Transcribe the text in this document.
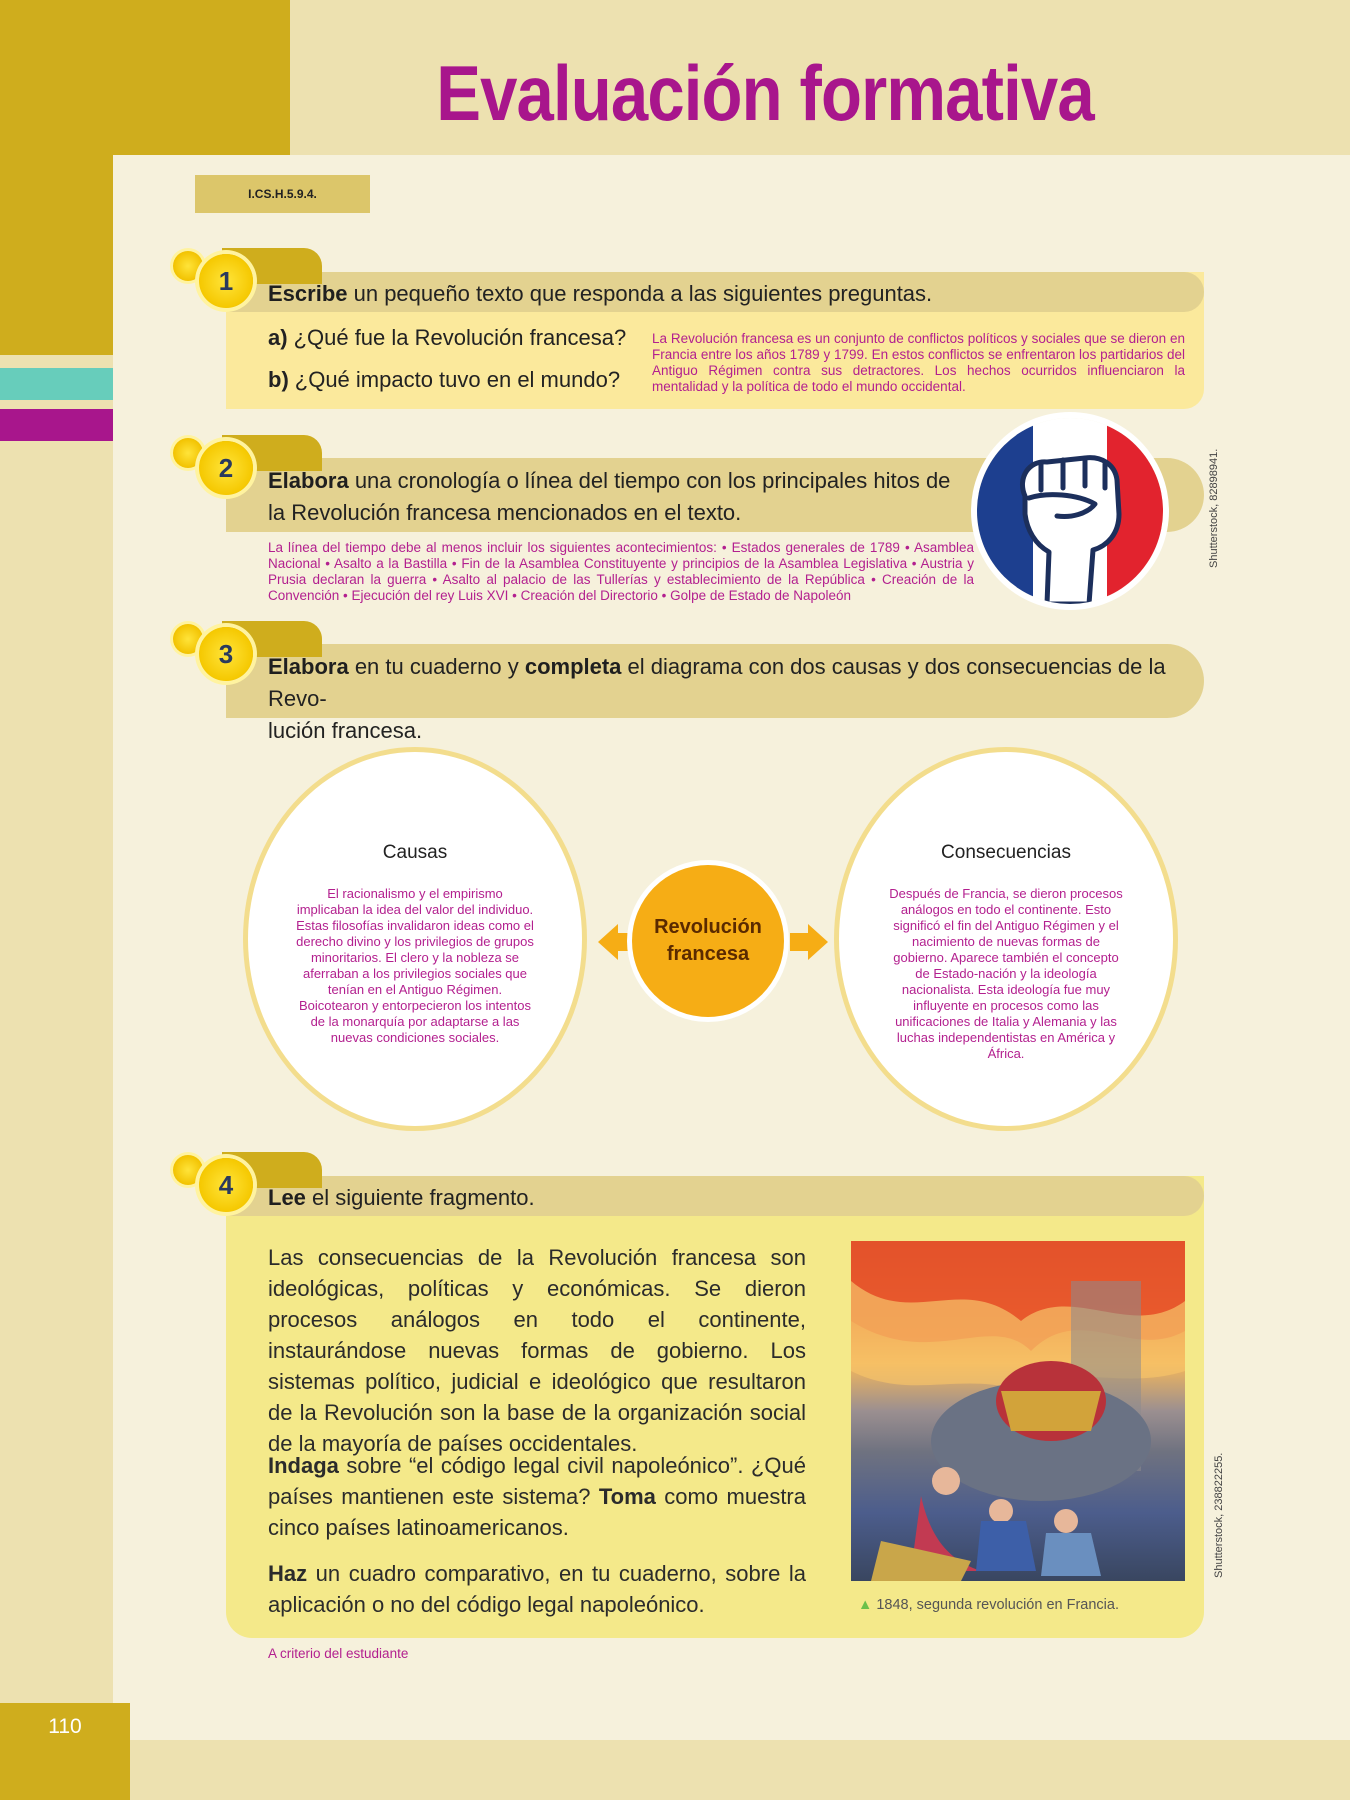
110
Evaluación formativa
I.CS.H.5.9.4.
1	Escribe un pequeño texto que responda a las siguientes preguntas.
a) ¿Qué fue la Revolución francesa?
b) ¿Qué impacto tuvo en el mundo?
La Revolución francesa es un conjunto de conflictos políticos y sociales que se dieron en Francia entre los años 1789 y 1799. En estos conflictos se enfrentaron los partidarios del Antiguo Régimen contra sus detractores. Los hechos ocurridos influenciaron la mentalidad y la política de todo el mundo occidental.
2	Elabora una cronología o línea del tiempo con los principales hitos de
la Revolución francesa mencionados en el texto.
La línea del tiempo debe al menos incluir los siguientes acontecimientos: • Estados generales de 1789 • Asamblea Nacional • Asalto a la Bastilla • Fin de la Asamblea Constituyente y principios de la Asamblea Legislativa • Austria y Prusia declaran la guerra • Asalto al palacio de las Tullerías y establecimiento de la República • Creación de la Convención • Ejecución del rey Luis XVI • Creación del Directorio • Golpe de Estado de Napoleón
Shutterstock, 82898941.
3	Elabora en tu cuaderno y completa el diagrama con dos causas y dos consecuencias de la Revo-
lución francesa.
Causas
El racionalismo y el empirismo implicaban la idea del valor del individuo. Estas filosofías invalidaron ideas como el derecho divino y los privilegios de grupos minoritarios. El clero y la nobleza se aferraban a los privilegios sociales que tenían en el Antiguo Régimen. Boicotearon y entorpecieron los intentos de la monarquía por adaptarse a las nuevas condiciones sociales.
Consecuencias
Después de Francia, se dieron procesos análogos en todo el continente. Esto significó el fin del Antiguo Régimen y el nacimiento de nuevas formas de gobierno. Aparece también el concepto de Estado-nación y la ideología nacionalista. Esta ideología fue muy influyente en procesos como las unificaciones de Italia y Alemania y las luchas independentistas en América y África.
Revolución
francesa
4	Lee el siguiente fragmento.
Las consecuencias de la Revolución francesa son ideológicas, políticas y económicas. Se dieron procesos análogos en todo el continente, instaurándose nuevas formas de gobierno. Los sistemas político, judicial e ideológico que resultaron de la Revolución son la base de la organización social de la mayoría de países occidentales.
Indaga sobre “el código legal civil napoleónico”. ¿Qué países mantienen este sistema? Toma como muestra cinco países latinoamericanos.
Haz un cuadro comparativo, en tu cuaderno, sobre la aplicación o no del código legal napoleónico.	▲ 1848, segunda revolución en Francia.
Shutterstock, 238822255.
A criterio del estudiante
